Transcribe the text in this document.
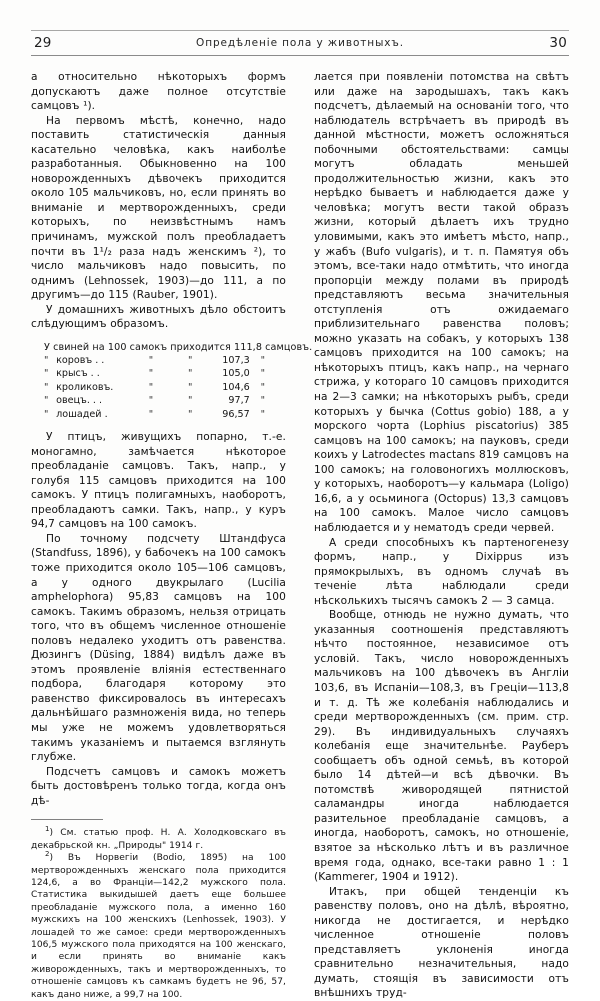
29	Опредѣленіе пола у животныхъ.	30

а относительно нѣкоторыхъ формъ допускаютъ даже полное отсутствіе самцовъ ¹).

На первомъ мѣстѣ, конечно, надо поставить статистическія данныя касательно человѣка, какъ наиболѣе разработанныя. Обыкновенно на 100 новорожденныхъ дѣвочекъ приходится около 105 мальчиковъ, но, если принять во вниманіе и мертворожденныхъ, среди которыхъ, по неизвѣстнымъ намъ причинамъ, мужской полъ преобладаетъ почти въ 1¹/₂ раза надъ женскимъ ²), то число мальчиковъ надо повысить, по однимъ (Lehnossek, 1903)—до 111, а по другимъ—до 115 (Rauber, 1901).

У домашнихъ животныхъ дѣло обстоитъ слѣдующимъ образомъ.

У свиней на 100 самокъ приходится 111,8 самцовъ.
"	коровъ . .	"	"	107,3	"
"	крысъ . .	"	"	105,0	"
"	кроликовъ.	"	"	104,6	"
"	овецъ. . .	"	"	97,7	"
"	лошадей .	"	"	96,57	"

У птицъ, живущихъ попарно, т.-е. моногамно, замѣчается нѣкоторое преобладаніе самцовъ. Такъ, напр., у голубя 115 самцовъ приходится на 100 самокъ. У птицъ полигамныхъ, наоборотъ, преобладаютъ самки. Такъ, напр., у куръ 94,7 самцовъ на 100 самокъ.

По точному подсчету Штандфуса (Standfuss, 1896), у бабочекъ на 100 самокъ тоже приходится около 105—106 самцовъ, а у одного двукрылаго (Lucilia amphelophora) 95,83 самцовъ на 100 самокъ. Такимъ образомъ, нельзя отрицать того, что въ общемъ численное отношеніе половъ недалеко уходитъ отъ равенства. Дюзингъ (Düsing, 1884) видѣлъ даже въ этомъ проявленіе вліянія естественнаго подбора, благодаря которому это равенство фиксировалось въ интересахъ дальнѣйшаго размноженія вида, но теперь мы уже не можемъ удовлетворяться такимъ указаніемъ и пытаемся взглянуть глубже.

Подсчетъ самцовъ и самокъ можетъ быть достовѣренъ только тогда, когда онъ дѣ-

$^1$) См. статью проф. Н. А. Холодковскаго въ декабрьской кн. „Природы" 1914 г.

$^2$) Въ Норвегіи (Bodio, 1895) на 100 мертворожденныхъ женскаго пола приходится 124,6, а во Франціи—142,2 мужского пола. Статистика выкидышей даетъ еще большее преобладаніе мужского пола, а именно 160 мужскихъ на 100 женскихъ (Lenhossek, 1903). У лошадей то же самое: среди мертворожденныхъ 106,5 мужского пола приходятся на 100 женскаго, и если принять во вниманіе какъ живорожденныхъ, такъ и мертворожденныхъ, то отношеніе самцовъ къ самкамъ будетъ не 96, 57, какъ дано ниже, а 99,7 на 100.

лается при появленіи потомства на свѣтъ или даже на зародышахъ, такъ какъ подсчетъ, дѣлаемый на основаніи того, что наблюдатель встрѣчаетъ въ природѣ въ данной мѣстности, можетъ осложняться побочными обстоятельствами: самцы могутъ обладать меньшей продолжительностью жизни, какъ это нерѣдко бываетъ и наблюдается даже у человѣка; могутъ вести такой образъ жизни, который дѣлаетъ ихъ трудно уловимыми, какъ это имѣетъ мѣсто, напр., у жабъ (Bufo vulgaris), и т. п. Памятуя объ этомъ, все-таки надо отмѣтить, что иногда пропорціи между полами въ природѣ представляютъ весьма значительныя отступленія отъ ожидаемаго приблизительнаго равенства половъ; можно указать на собакъ, у которыхъ 138 самцовъ приходится на 100 самокъ; на нѣкоторыхъ птицъ, какъ напр., на чернаго стрижа, у котораго 10 самцовъ приходится на 2—3 самки; на нѣкоторыхъ рыбъ, среди которыхъ у бычка (Cottus gobio) 188, а у морского чорта (Lophius piscatorius) 385 самцовъ на 100 самокъ; на пауковъ, среди коихъ у Latrodectes mactans 819 самцовъ на 100 самокъ; на головоногихъ моллюсковъ, у которыхъ, наоборотъ—у кальмара (Loligo) 16,6, а у осьминога (Octopus) 13,3 самцовъ на 100 самокъ. Малое число самцовъ наблюдается и у нематодъ среди червей.

А среди способныхъ къ партеногенезу формъ, напр., у Dixippus изъ прямокрылыхъ, въ одномъ случаѣ въ теченіе лѣта наблюдали среди нѣсколькихъ тысячъ самокъ 2 — 3 самца.

Вообще, отнюдь не нужно думать, что указанныя соотношенія представляютъ нѣчто постоянное, независимое отъ условій. Такъ, число новорожденныхъ мальчиковъ на 100 дѣвочекъ въ Англіи 103,6, въ Испаніи—108,3, въ Греціи—113,8 и т. д. Тѣ же колебанія наблюдались и среди мертворожденныхъ (см. прим. стр. 29). Въ индивидуальныхъ случаяхъ колебанія еще значительнѣе. Рауберъ сообщаетъ объ одной семьѣ, въ которой было 14 дѣтей—и всѣ дѣвочки. Въ потомствѣ живородящей пятнистой саламандры иногда наблюдается разительное преобладаніе самцовъ, а иногда, наоборотъ, самокъ, но отношеніе, взятое за нѣсколько лѣтъ и въ различное время года, однако, все-таки равно 1 : 1 (Kammerer, 1904 и 1912).

Итакъ, при общей тенденціи къ равенству половъ, оно на дѣлѣ, вѣроятно, никогда не достигается, и нерѣдко численное отношеніе половъ представляетъ уклоненія иногда сравнительно незначительныя, надо думать, стоящія въ зависимости отъ внѣшнихъ труд-
